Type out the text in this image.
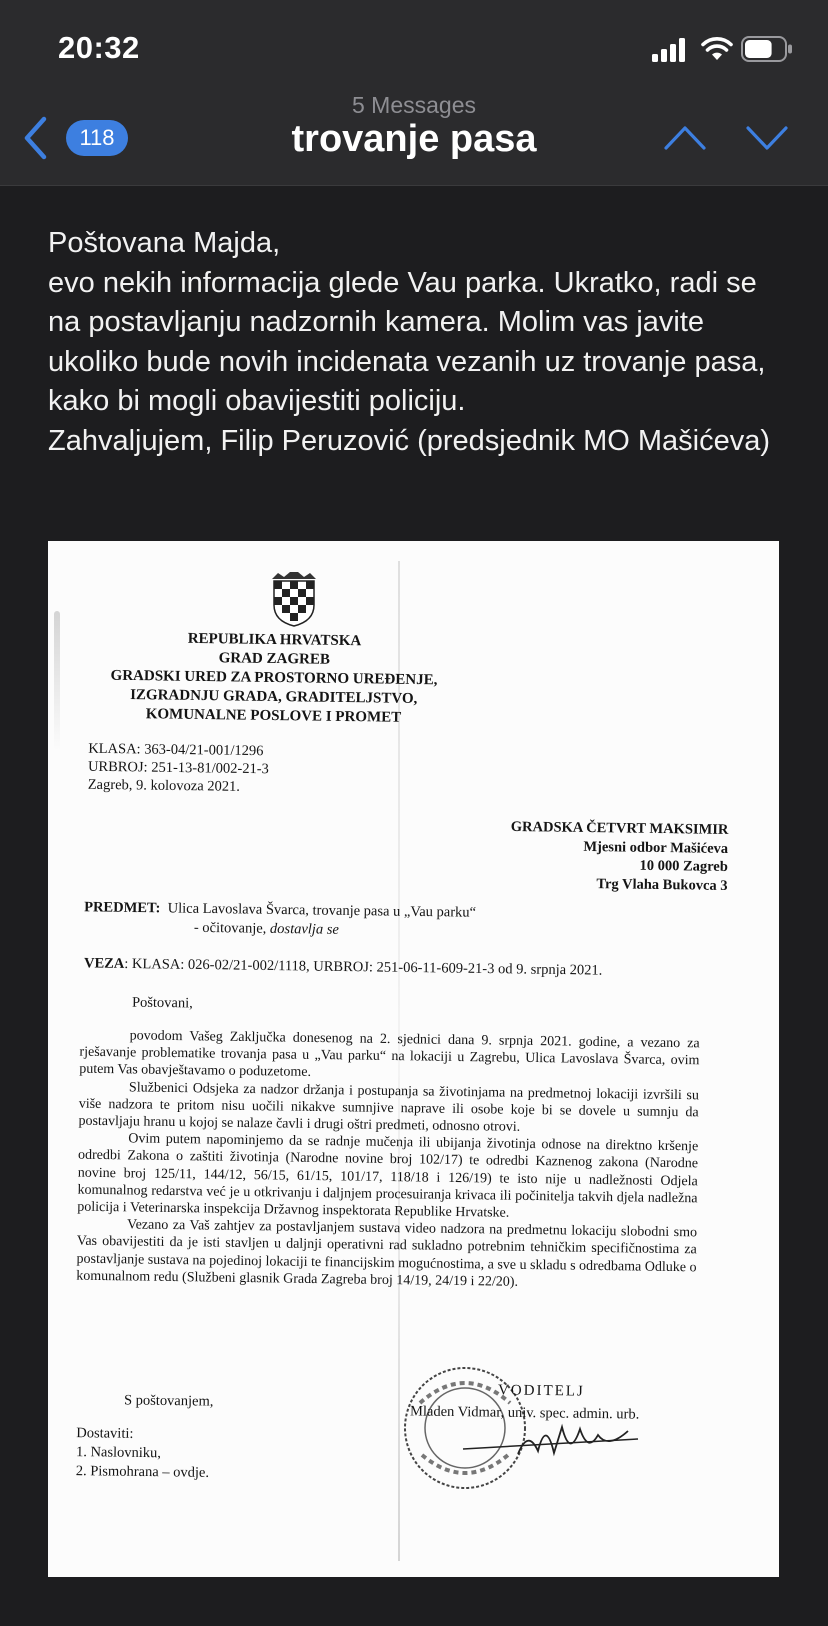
20:32
118
5 Messages
trovanje pasa

Poštovana Majda,

evo nekih informacija glede Vau parka. Ukratko, radi se na postavljanju nadzornih kamera. Molim vas javite ukoliko bude novih incidenata vezanih uz trovanje pasa, kako bi mogli obavijestiti policiju.

Zahvaljujem, Filip Peruzović (predsjednik MO Mašićeva)

REPUBLIKA HRVATSKA
GRAD ZAGREB
GRADSKI URED ZA PROSTORNO UREĐENJE,
IZGRADNJU GRADA, GRADITELJSTVO,
KOMUNALNE POSLOVE I PROMET
KLASA: 363-04/21-001/1296
URBROJ: 251-13-81/002-21-3
Zagreb, 9. kolovoza 2021.
GRADSKA ČETVRT MAKSIMIR
Mjesni odbor Mašićeva
10 000 Zagreb
Trg Vlaha Bukovca 3
PREDMET: Ulica Lavoslava Švarca, trovanje pasa u „Vau parku“
- očitovanje, dostavlja se
VEZA: KLASA: 026-02/21-002/1118, URBROJ: 251-06-11-609-21-3 od 9. srpnja 2021.
Poštovani,

povodom Vašeg Zaključka donesenog na 2. sjednici dana 9. srpnja 2021. godine, a vezano za rješavanje problematike trovanja pasa u „Vau parku“ na lokaciji u Zagrebu, Ulica Lavoslava Švarca, ovim putem Vas obavještavamo o poduzetome.

Službenici Odsjeka za nadzor držanja i postupanja sa životinjama na predmetnoj lokaciji izvršili su više nadzora te pritom nisu uočili nikakve sumnjive naprave ili osobe koje bi se dovele u sumnju da postavljaju hranu u kojoj se nalaze čavli i drugi oštri predmeti, odnosno otrovi.

Ovim putem napominjemo da se radnje mučenja ili ubijanja životinja odnose na direktno kršenje odredbi Zakona o zaštiti životinja (Narodne novine broj 102/17) te odredbi Kaznenog zakona (Narodne novine broj 125/11, 144/12, 56/15, 61/15, 101/17, 118/18 i 126/19) te isto nije u nadležnosti Odjela komunalnog redarstva već je u otkrivanju i daljnjem procesuiranja krivaca ili počinitelja takvih djela nadležna policija i Veterinarska inspekcija Državnog inspektorata Republike Hrvatske.

Vezano za Vaš zahtjev za postavljanjem sustava video nadzora na predmetnu lokaciju slobodni smo Vas obavijestiti da je isti stavljen u daljnji operativni rad sukladno potrebnim tehničkim specifičnostima za postavljanje sustava na pojedinoj lokaciji te financijskim mogućnostima, a sve u skladu s odredbama Odluke o komunalnom redu (Službeni glasnik Grada Zagreba broj 14/19, 24/19 i 22/20).

S poštovanjem,
VODITELJ
Mladen Vidmar, univ. spec. admin. urb.
Dostaviti:
1. Naslovniku,
2. Pismohrana – ovdje.
